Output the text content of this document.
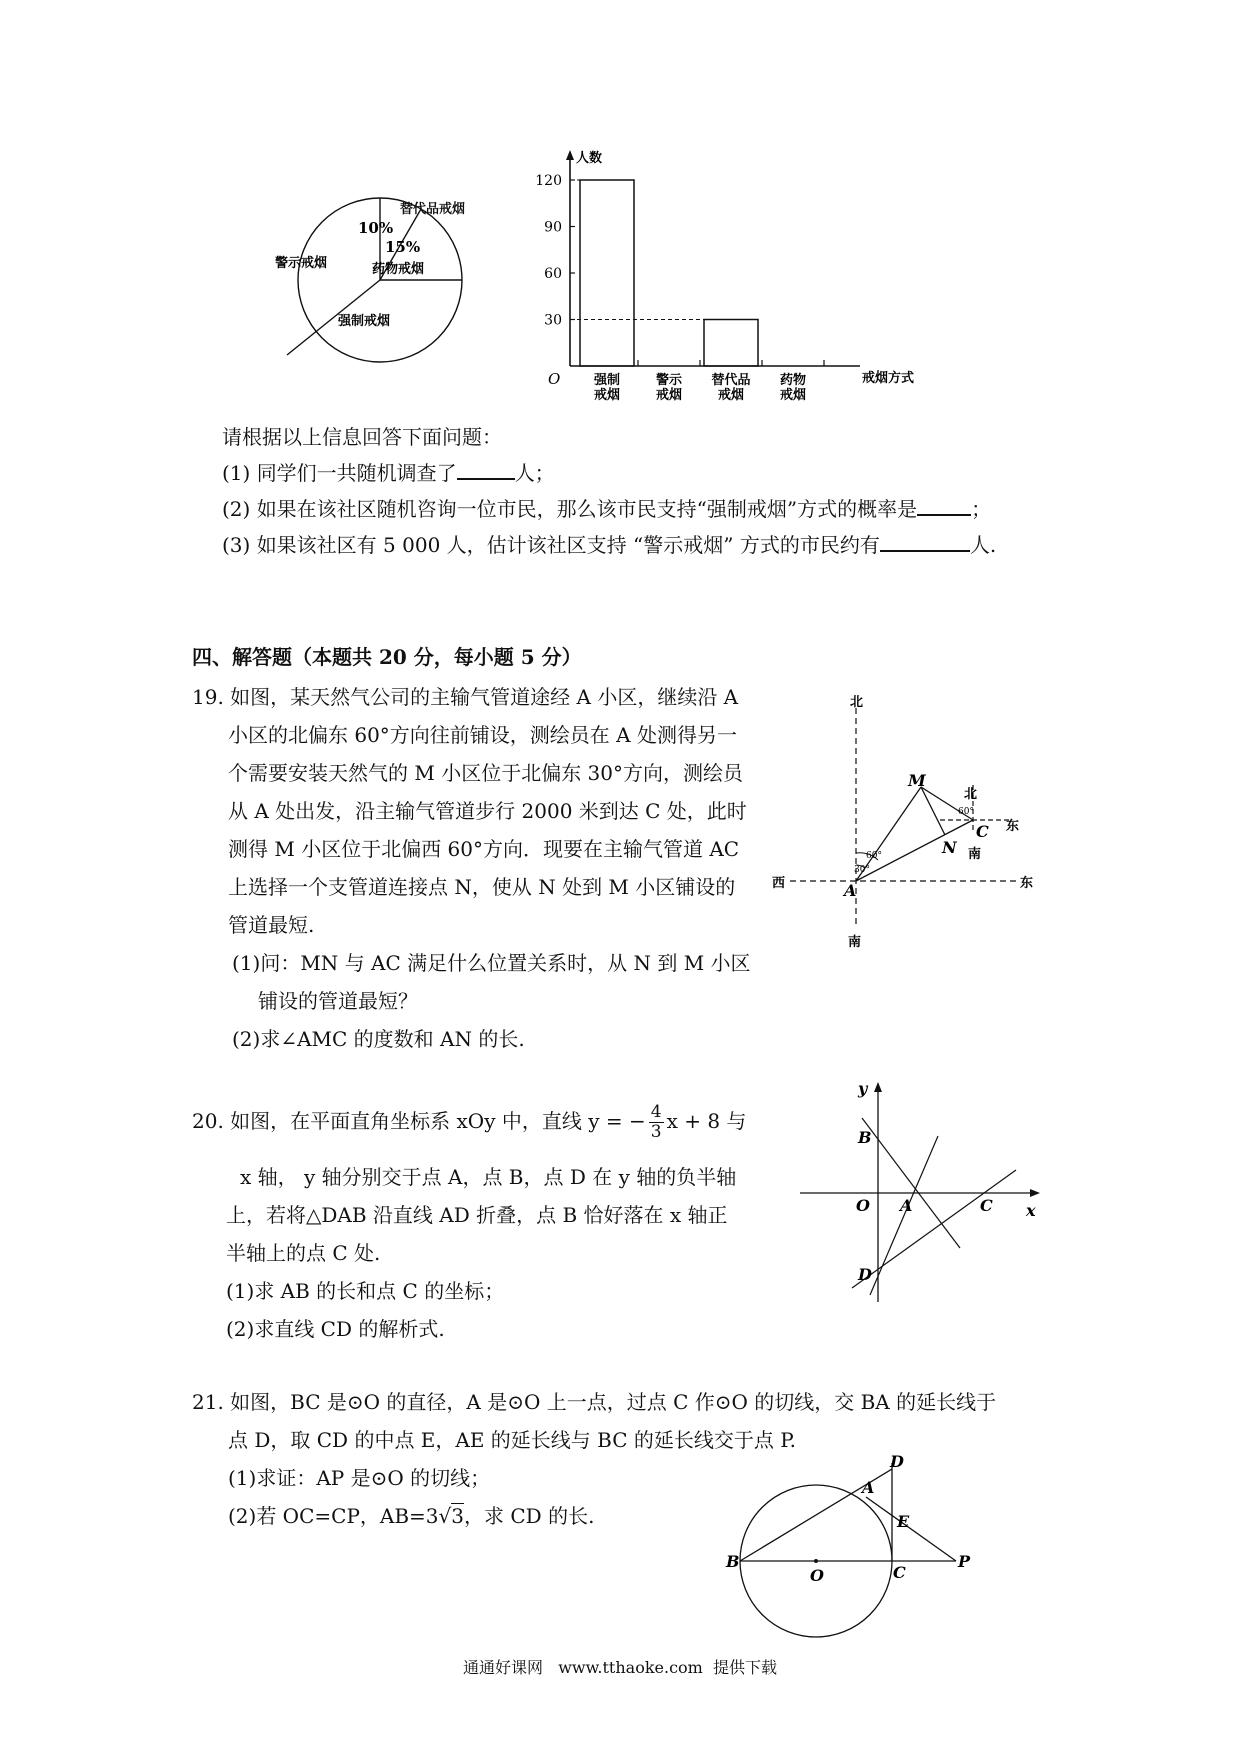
10%
15%
药物戒烟
警示戒烟
强制戒烟
替代品戒烟
人数
戒烟方式
O
30
60
90
120
强制
戒烟
警示
戒烟
替代品
戒烟
药物
戒烟
请根据以上信息回答下面问题：
(1) 同学们一共随机调查了	人；
(2) 如果在该社区随机咨询一位市民，那么该市民支持“强制戒烟”方式的概率是	；
(3) 如果该社区有 5 000 人，估计该社区支持 “警示戒烟” 方式的市民约有	人.
四、解答题（本题共 20 分，每小题 5 分）
19. 如图，某天然气公司的主输气管道途经 A 小区，继续沿 A
小区的北偏东 60°方向往前铺设，测绘员在 A 处测得另一
个需要安装天然气的 M 小区位于北偏东 30°方向，测绘员
从 A 处出发，沿主输气管道步行 2000 米到达 C 处，此时
测得 M 小区位于北偏西 60°方向．现要在主输气管道 AC
上选择一个支管道连接点 N，使从 N 处到 M 小区铺设的
管道最短.
(1)问：MN 与 AC 满足什么位置关系时，从 N 到 M 小区
铺设的管道最短？
(2)求∠AMC 的度数和 AN 的长.
北
南
西	东
北
东
南
A
M
C
N
60°
30°
60°
20. 如图，在平面直角坐标系 xOy 中，直线 y = − $\frac{4}{3}$ x + 8 与
x 轴， y 轴分别交于点 A，点 B，点 D 在 y 轴的负半轴
上，若将△DAB 沿直线 AD 折叠，点 B 恰好落在 x 轴正
半轴上的点 C 处.
(1)求 AB 的长和点 C 的坐标；
(2)求直线 CD 的解析式.
y
x
O A
B
C
D
21. 如图，BC 是⊙O 的直径，A 是⊙O 上一点，过点 C 作⊙O 的切线，交 BA 的延长线于
点 D，取 CD 的中点 E，AE 的延长线与 BC 的延长线交于点 P.
(1)求证：AP 是⊙O 的切线；
(2)若 OC=CP，AB=3√3，求 CD 的长.
B
O	C
P
A
D
E
通通好课网   www.tthaoke.com  提供下载
